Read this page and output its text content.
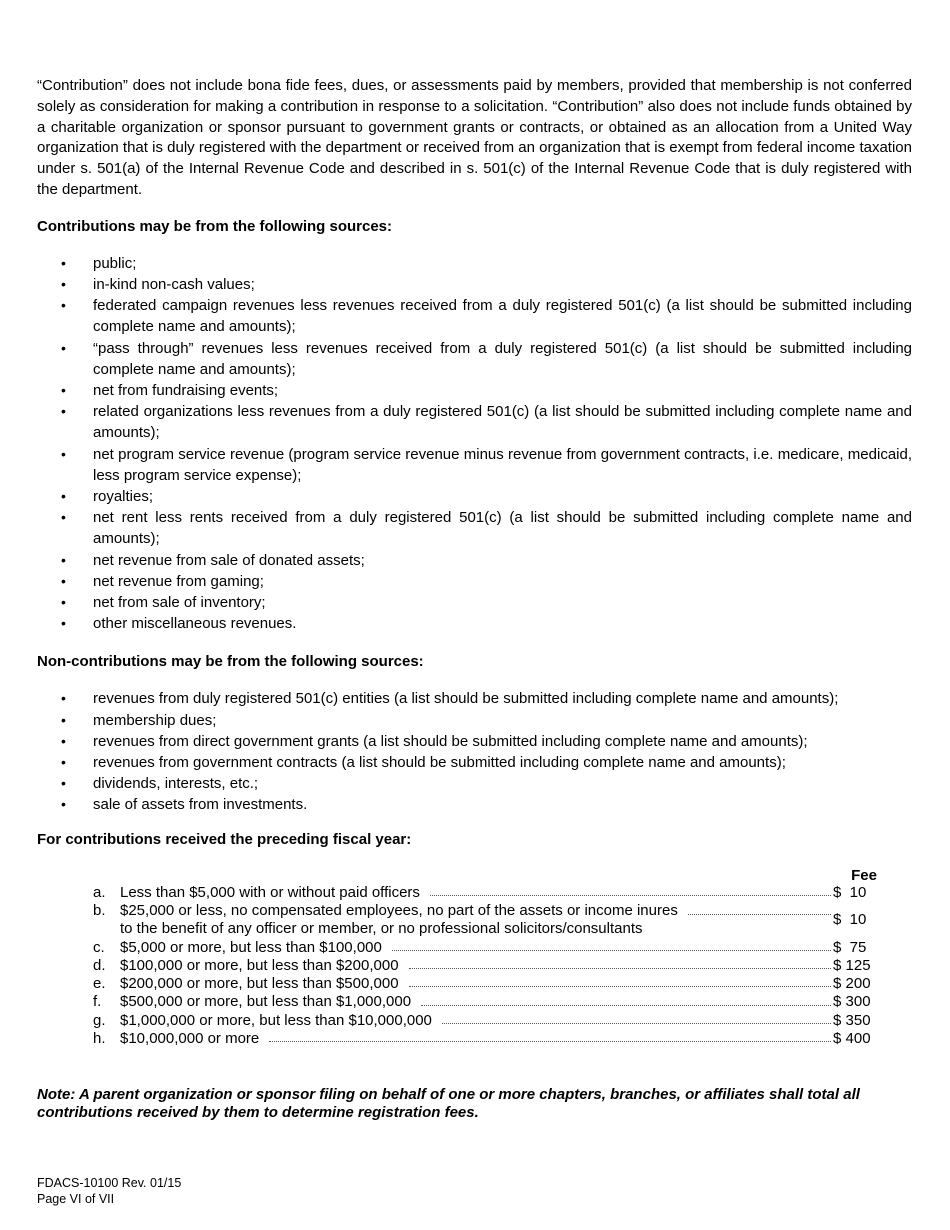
“Contribution” does not include bona fide fees, dues, or assessments paid by members, provided that membership is not conferred solely as consideration for making a contribution in response to a solicitation. “Contribution” also does not include funds obtained by a charitable organization or sponsor pursuant to government grants or contracts, or obtained as an allocation from a United Way organization that is duly registered with the department or received from an organization that is exempt from federal income taxation under s. 501(a) of the Internal Revenue Code and described in s. 501(c) of the Internal Revenue Code that is duly registered with the department.

Contributions may be from the following sources:

• public;
• in-kind non-cash values;
• federated campaign revenues less revenues received from a duly registered 501(c) (a list should be submitted including complete name and amounts);
• “pass through” revenues less revenues received from a duly registered 501(c) (a list should be submitted including complete name and amounts);
• net from fundraising events;
• related organizations less revenues from a duly registered 501(c) (a list should be submitted including complete name and amounts);
• net program service revenue (program service revenue minus revenue from government contracts, i.e. medicare, medicaid, less program service expense);
• royalties;
• net rent less rents received from a duly registered 501(c) (a list should be submitted including complete name and amounts);
• net revenue from sale of donated assets;
• net revenue from gaming;
• net from sale of inventory;
• other miscellaneous revenues.

Non-contributions may be from the following sources:

• revenues from duly registered 501(c) entities (a list should be submitted including complete name and amounts);
• membership dues;
• revenues from direct government grants (a list should be submitted including complete name and amounts);
• revenues from government contracts (a list should be submitted including complete name and amounts);
• dividends, interests, etc.;
• sale of assets from investments.

For contributions received the preceding fiscal year:

Fee
a. Less than $5,000 with or without paid officers	$  10
b. $25,000 or less, no compensated employees, no part of the assets or income inures
to the benefit of any officer or member, or no professional solicitors/consultants
$  10
c.	$5,000 or more, but less than $100,000	$  75
d. $100,000 or more, but less than $200,000	$ 125
e. $200,000 or more, but less than $500,000	$ 200
f.	$500,000 or more, but less than $1,000,000	$ 300
g. $1,000,000 or more, but less than $10,000,000	$ 350
h. $10,000,000 or more	$ 400

Note: A parent organization or sponsor filing on behalf of one or more chapters, branches, or affiliates shall total all contributions received by them to determine registration fees.

FDACS-10100 Rev. 01/15
Page VI of VII
